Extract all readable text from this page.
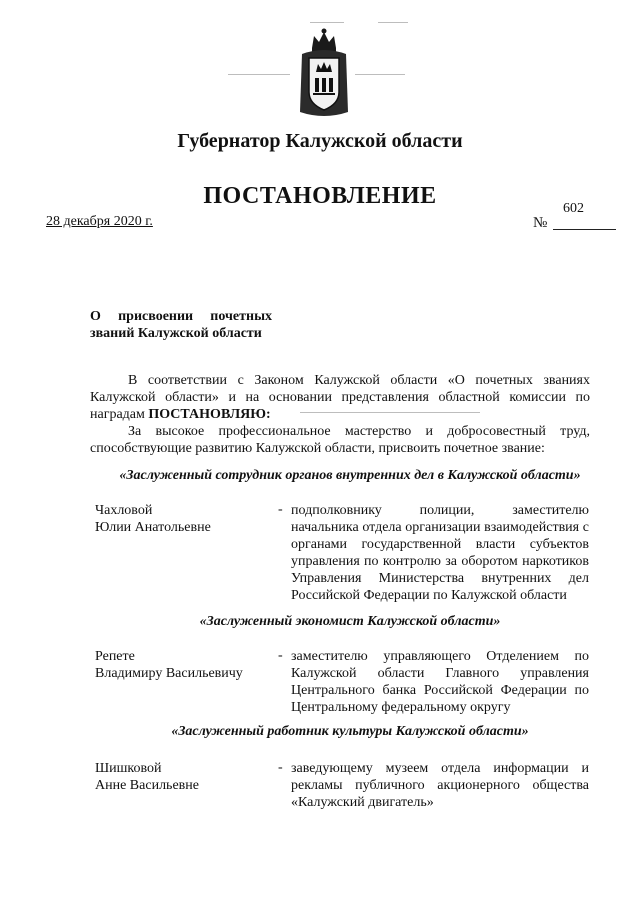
Губернатор Калужской области
ПОСТАНОВЛЕНИЕ
28 декабря 2020 г.
602
№
О присвоении почетных
званий Калужской области
В соответствии с Законом Калужской области «О почетных званиях Калужской области» и на основании представления областной комиссии по наградам ПОСТАНОВЛЯЮ:
За высокое профессиональное мастерство и добросовестный труд, способствующие развитию Калужской области, присвоить почетное звание:
«Заслуженный сотрудник органов внутренних дел в Калужской области»
Чахловой
Юлии Анатольевне
- подполковнику полиции, заместителю начальника отдела организации взаимодействия с органами государственной власти субъектов управления по контролю за оборотом наркотиков Управления Министерства внутренних дел Российской Федерации по Калужской области
«Заслуженный экономист Калужской области»
Репете
Владимиру Васильевичу
- заместителю управляющего Отделением по Калужской области Главного управления Центрального банка Российской Федерации по Центральному федеральному округу
«Заслуженный работник культуры Калужской области»
Шишковой
Анне Васильевне
- заведующему музеем отдела информации и рекламы публичного акционерного общества «Калужский двигатель»
